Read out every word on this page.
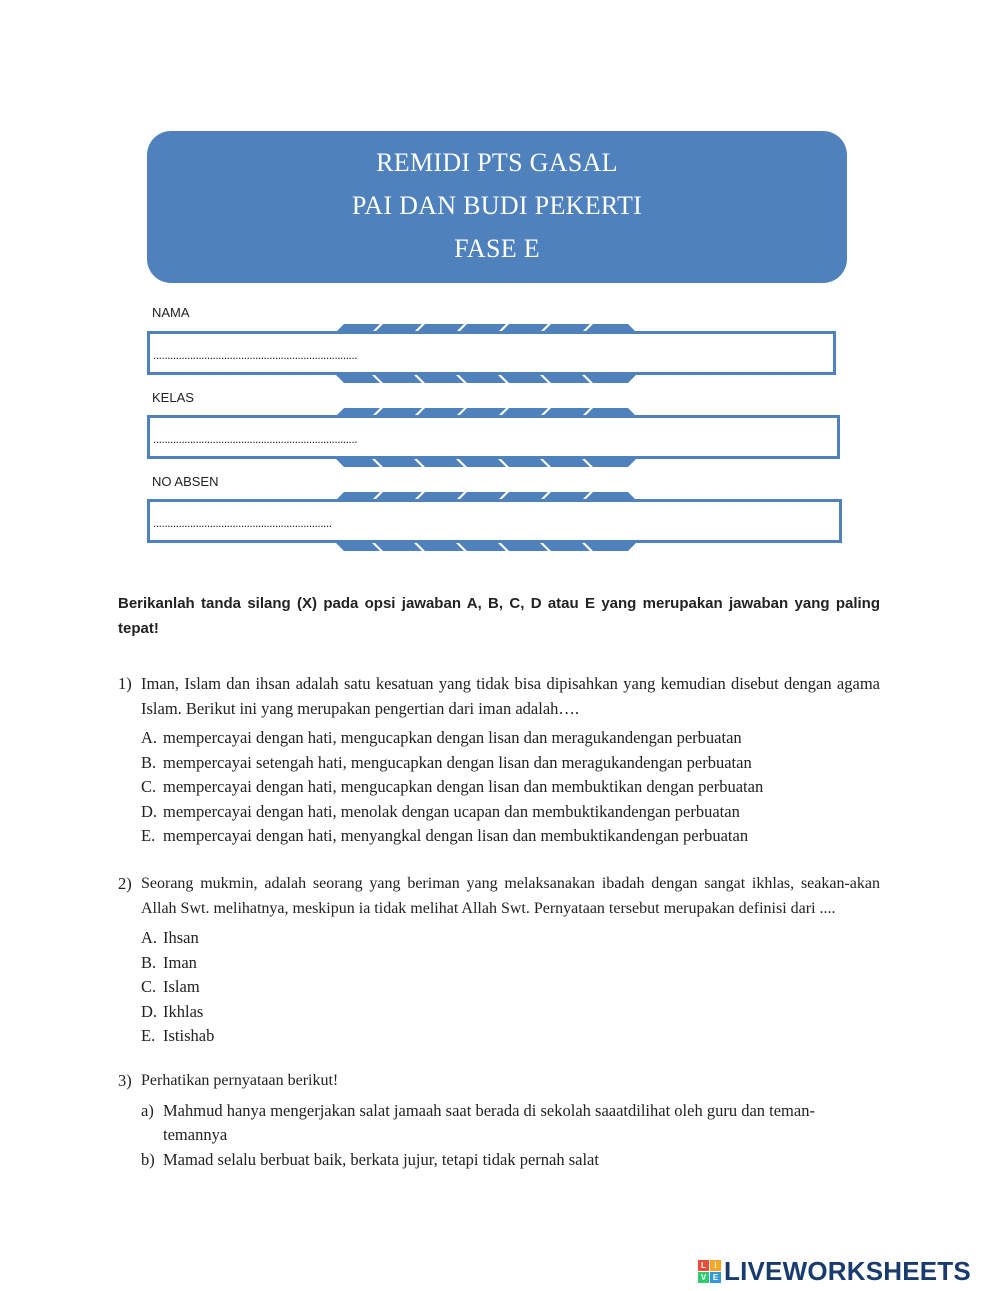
REMIDI PTS GASAL
PAI DAN BUDI PEKERTI
FASE E
NAMA
........................................................................
KELAS
........................................................................
NO ABSEN
...............................................................
Berikanlah tanda silang (X) pada opsi jawaban A, B, C, D atau E yang merupakan jawaban yang paling tepat!
1) Iman, Islam dan ihsan adalah satu kesatuan yang tidak bisa dipisahkan yang kemudian disebut dengan agama Islam. Berikut ini yang merupakan pengertian dari iman adalah….
A. mempercayai dengan hati, mengucapkan dengan lisan dan meragukandengan perbuatan
B. mempercayai setengah hati, mengucapkan dengan lisan dan meragukandengan perbuatan
C. mempercayai dengan hati, mengucapkan dengan lisan dan membuktikan dengan perbuatan
D. mempercayai dengan hati, menolak dengan ucapan dan membuktikandengan perbuatan
E. mempercayai dengan hati, menyangkal dengan lisan dan membuktikandengan perbuatan
2) Seorang mukmin, adalah seorang yang beriman yang melaksanakan ibadah dengan sangat ikhlas, seakan-akan Allah Swt. melihatnya, meskipun ia tidak melihat Allah Swt. Pernyataan tersebut merupakan definisi dari ....
A. Ihsan
B. Iman
C. Islam
D. Ikhlas
E. Istishab
3) Perhatikan pernyataan berikut!
a) Mahmud hanya mengerjakan salat jamaah saat berada di sekolah saaatdilihat oleh guru dan teman-temannya
b) Mamad selalu berbuat baik, berkata jujur, tetapi tidak pernah salat
L	I
V E LIVEWORKSHEETS
